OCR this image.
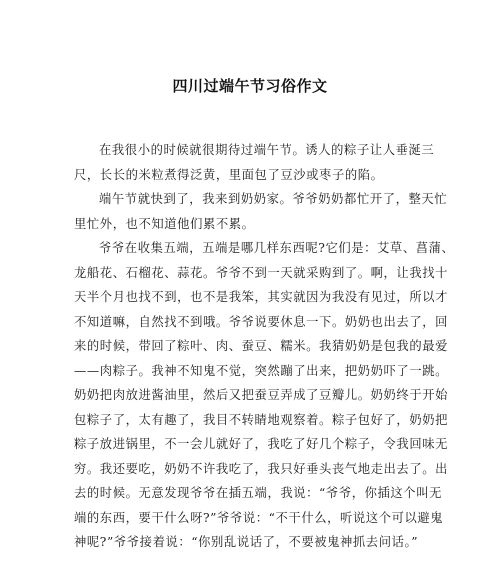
四川过端午节习俗作文
在我很小的时候就很期待过端午节。诱人的粽子让人垂涎三
尺，长长的米粒煮得泛黄，里面包了豆沙或枣子的陷。
端午节就快到了，我来到奶奶家。爷爷奶奶都忙开了，整天忙
里忙外，也不知道他们累不累。
爷爷在收集五端，五端是哪几样东西呢?它们是：艾草、菖蒲、
龙船花、石榴花、蒜花。爷爷不到一天就采购到了。啊，让我找十
天半个月也找不到，也不是我笨，其实就因为我没有见过，所以才
不知道嘛，自然找不到哦。爷爷说要休息一下。奶奶也出去了，回
来的时候，带回了粽叶、肉、蚕豆、糯米。我猜奶奶是包我的最爱
——肉粽子。我神不知鬼不觉，突然蹦了出来，把奶奶吓了一跳。
奶奶把肉放进酱油里，然后又把蚕豆弄成了豆瓣儿。奶奶终于开始
包粽子了，太有趣了，我目不转睛地观察着。粽子包好了，奶奶把
粽子放进锅里，不一会儿就好了，我吃了好几个粽子，令我回味无
穷。我还要吃，奶奶不许我吃了，我只好垂头丧气地走出去了。出
去的时候。无意发现爷爷在插五端，我说：“爷爷，你插这个叫无
端的东西，要干什么呀?”爷爷说：“不干什么，听说这个可以避鬼
神呢?”爷爷接着说：“你别乱说话了，不要被鬼神抓去问话。”
